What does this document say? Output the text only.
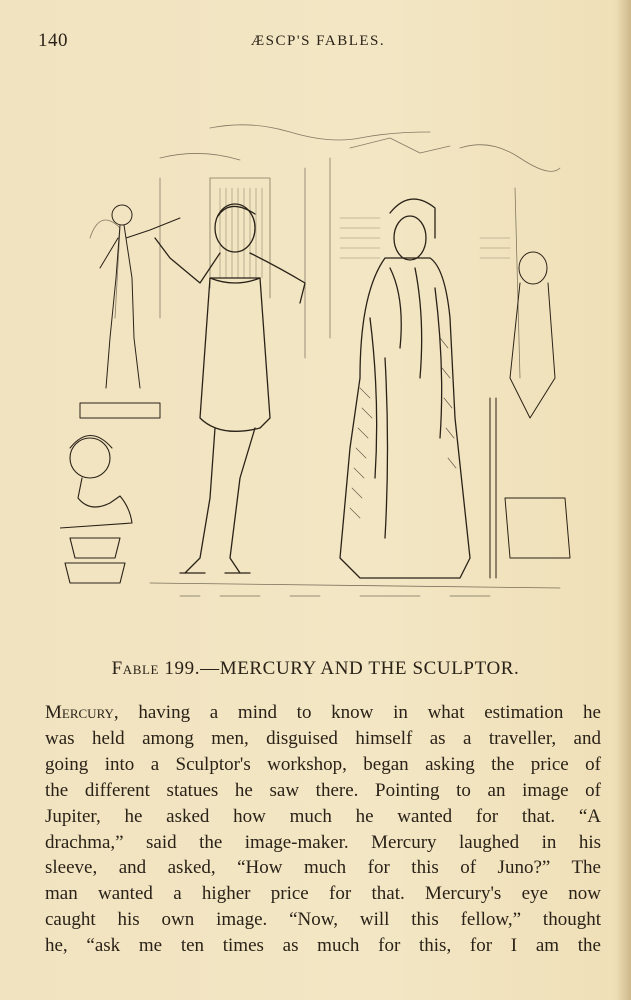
140	ÆSCP'S FABLES.
Fable 199.—MERCURY AND THE SCULPTOR.
Mercury, having a mind to know in what estimation he
was held among men, disguised himself as a traveller, and
going into a Sculptor's workshop, began asking the price of
the different statues he saw there. Pointing to an image of
Jupiter, he asked how much he wanted for that. “A
drachma,” said the image-maker. Mercury laughed in his
sleeve, and asked, “How much for this of Juno?” The
man wanted a higher price for that. Mercury's eye now
caught his own image. “Now, will this fellow,” thought
he, “ask me ten times as much for this, for I am the
